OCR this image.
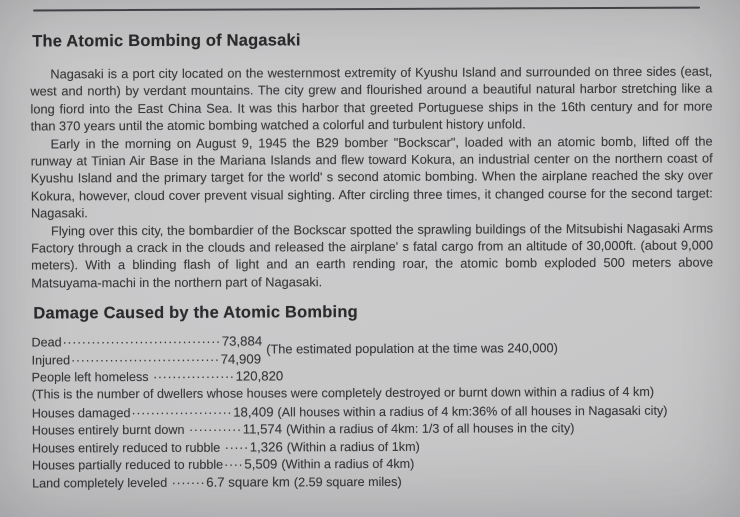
The Atomic Bombing of Nagasaki

Nagasaki is a port city located on the westernmost extremity of Kyushu Island and surrounded on three sides (east, west and north) by verdant mountains. The city grew and flourished around a beautiful natural harbor stretching like a long fiord into the East China Sea. It was this harbor that greeted Portuguese ships in the 16th century and for more than 370 years until the atomic bombing watched a colorful and turbulent history unfold.

Early in the morning on August 9, 1945 the B29 bomber "Bockscar", loaded with an atomic bomb, lifted off the runway at Tinian Air Base in the Mariana Islands and flew toward Kokura, an industrial center on the northern coast of Kyushu Island and the primary target for the world' s second atomic bombing. When the airplane reached the sky over Kokura, however, cloud cover prevent visual sighting. After circling three times, it changed course for the second target: Nagasaki.

Flying over this city, the bombardier of the Bockscar spotted the sprawling buildings of the Mitsubishi Nagasaki Arms Factory through a crack in the clouds and released the airplane' s fatal cargo from an altitude of 30,000ft. (about 9,000 meters). With a blinding flash of light and an earth rending roar, the atomic bomb exploded 500 meters above Matsuyama-machi in the northern part of Nagasaki.

Damage Caused by the Atomic Bombing
Dead·································73,884
Injured·······························74,909
(The estimated population at the time was 240,000)
People left homeless ·················120,820
(This is the number of dwellers whose houses were completely destroyed or burnt down within a radius of 4 km)
Houses damaged·····················18,409 (All houses within a radius of 4 km:36% of all houses in Nagasaki city)
Houses entirely burnt down ···········11,574 (Within a radius of 4km: 1/3 of all houses in the city)
Houses entirely reduced to rubble ·····1,326 (Within a radius of 1km)
Houses partially reduced to rubble····5,509 (Within a radius of 4km)
Land completely leveled ·······6.7 square km (2.59 square miles)
